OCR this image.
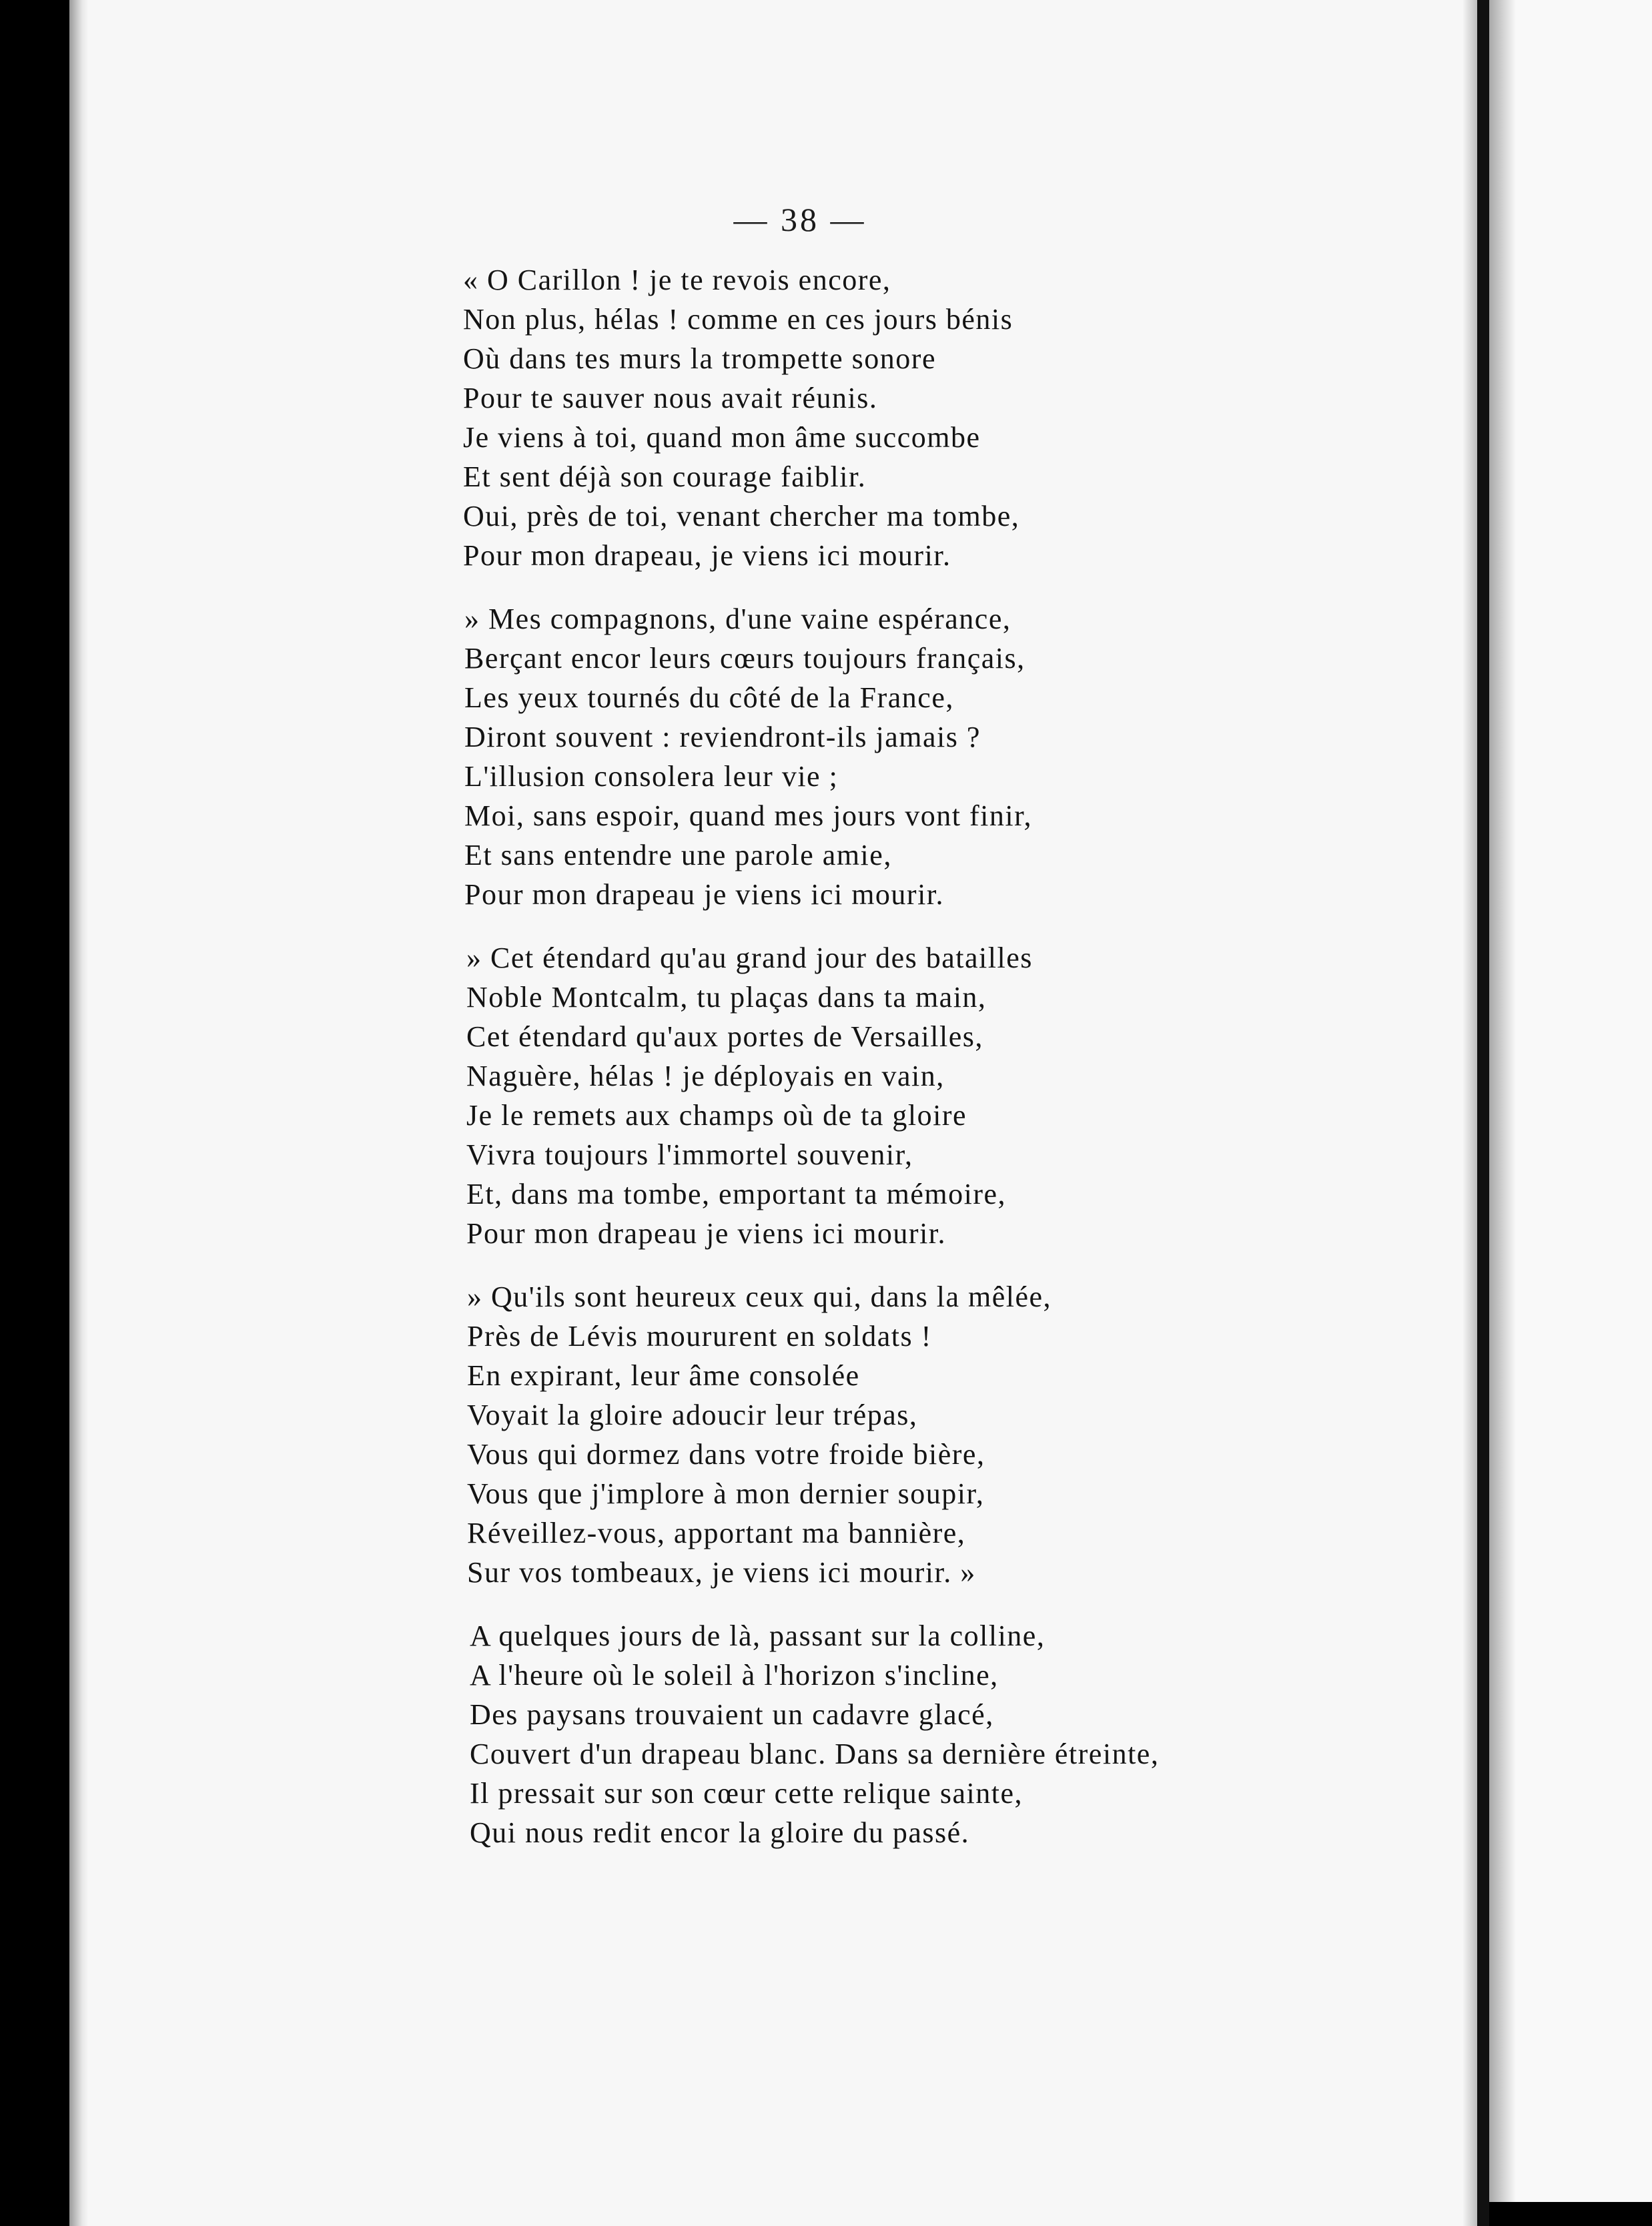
— 38 —
« O Carillon ! je te revois encore,
Non plus, hélas ! comme en ces jours bénis
Où dans tes murs la trompette sonore
Pour te sauver nous avait réunis.
Je viens à toi, quand mon âme succombe
Et sent déjà son courage faiblir.
Oui, près de toi, venant chercher ma tombe,
Pour mon drapeau, je viens ici mourir.
» Mes compagnons, d'une vaine espérance,
Berçant encor leurs cœurs toujours français,
Les yeux tournés du côté de la France,
Diront souvent : reviendront-ils jamais ?
L'illusion consolera leur vie ;
Moi, sans espoir, quand mes jours vont finir,
Et sans entendre une parole amie,
Pour mon drapeau je viens ici mourir.
» Cet étendard qu'au grand jour des batailles
Noble Montcalm, tu plaças dans ta main,
Cet étendard qu'aux portes de Versailles,
Naguère, hélas ! je déployais en vain,
Je le remets aux champs où de ta gloire
Vivra toujours l'immortel souvenir,
Et, dans ma tombe, emportant ta mémoire,
Pour mon drapeau je viens ici mourir.
» Qu'ils sont heureux ceux qui, dans la mêlée,
Près de Lévis moururent en soldats !
En expirant, leur âme consolée
Voyait la gloire adoucir leur trépas,
Vous qui dormez dans votre froide bière,
Vous que j'implore à mon dernier soupir,
Réveillez-vous, apportant ma bannière,
Sur vos tombeaux, je viens ici mourir. »
A quelques jours de là, passant sur la colline,
A l'heure où le soleil à l'horizon s'incline,
Des paysans trouvaient un cadavre glacé,
Couvert d'un drapeau blanc. Dans sa dernière étreinte,
Il pressait sur son cœur cette relique sainte,
Qui nous redit encor la gloire du passé.
